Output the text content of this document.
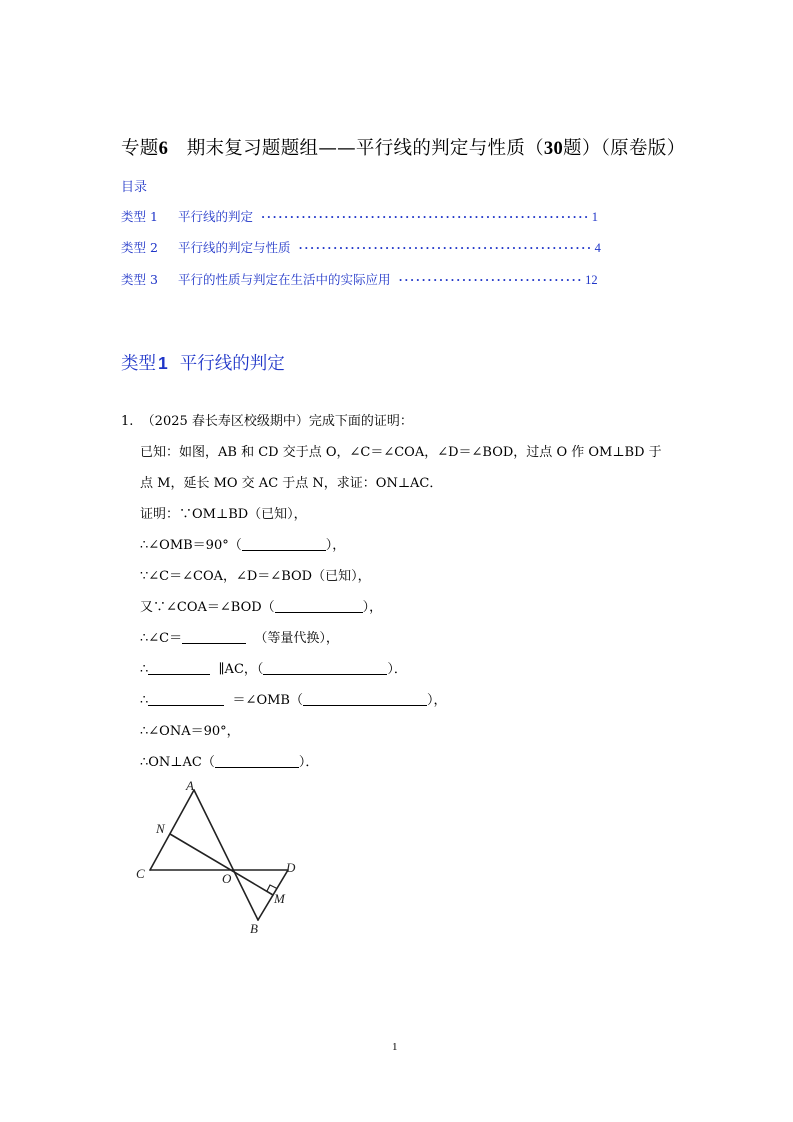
专题6 期末复习题题组——平行线的判定与性质（30题）（原卷版）
目录
类型 1 平行线的判定 ························································· 1
类型 2 平行线的判定与性质 ··················································· 4
类型 3 平行的性质与判定在生活中的实际应用 ································ 12
类型 1 平行线的判定
1. （2025 春长寿区校级期中）完成下面的证明：
已知：如图，AB 和 CD 交于点 O，∠C＝∠COA，∠D＝∠BOD，过点 O 作 OM⊥BD 于
点 M，延长 MO 交 AC 于点 N，求证：ON⊥AC．
证明：∵OM⊥BD（已知），
∴∠OMB＝90°（	），
∵∠C＝∠COA，∠D＝∠BOD（已知），
又∵∠COA＝∠BOD（	），
∴∠C＝	（等量代换），
∴	∥AC，（	）．
∴	＝∠OMB（	），
∴∠ONA＝90°，
∴ON⊥AC（	）．
A
N
C	O
D
M
B
1
